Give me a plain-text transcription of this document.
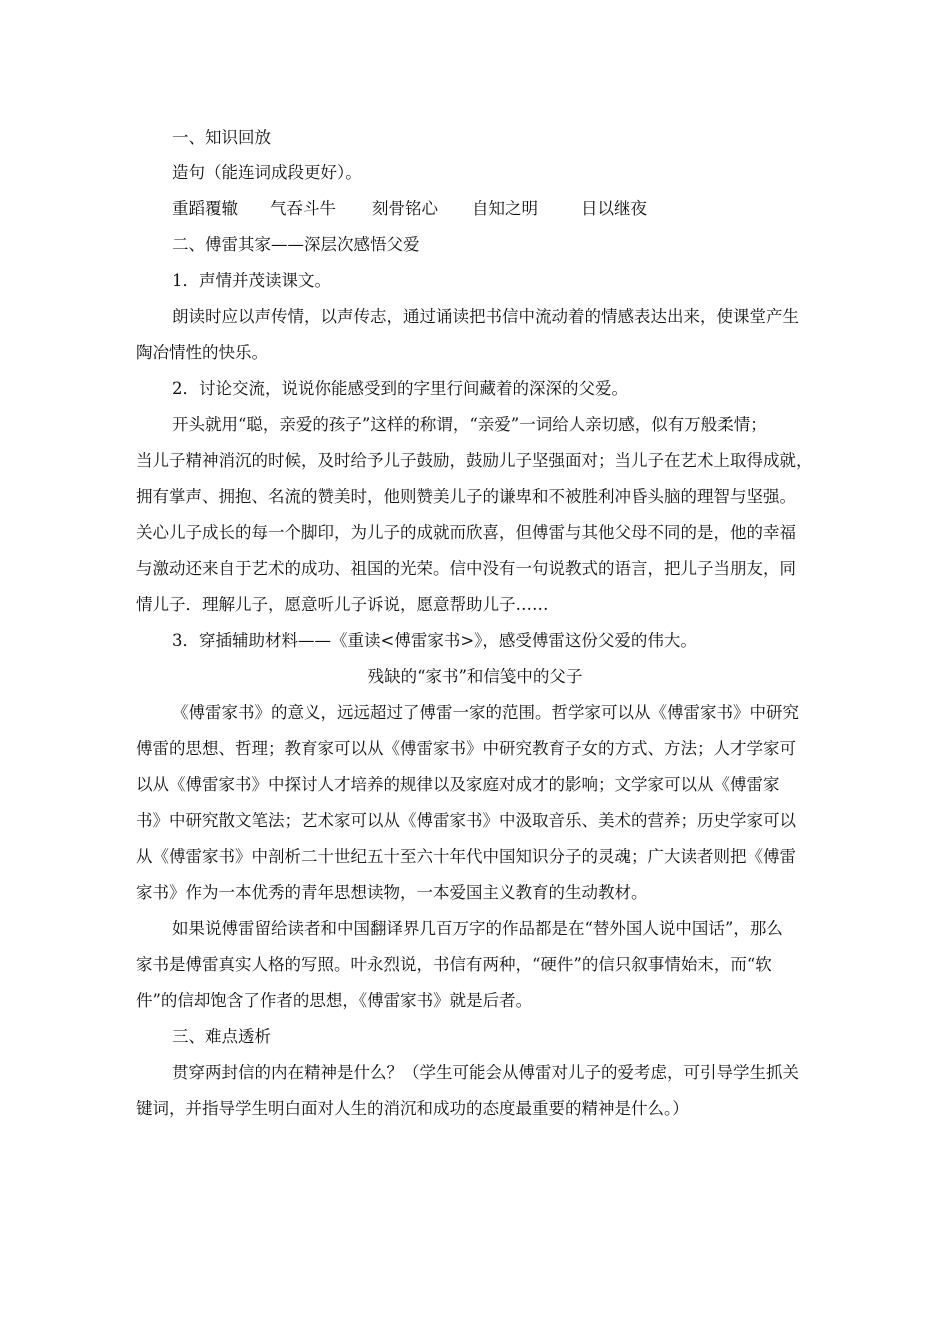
一、知识回放
造句（能连词成段更好）。
重蹈覆辙 气吞斗牛 刻骨铭心 自知之明	日以继夜
二、傅雷其家——深层次感悟父爱
1．声情并茂读课文。
朗读时应以声传情，以声传志，通过诵读把书信中流动着的情感表达出来，使课堂产生
陶冶情性的快乐。
2．讨论交流，说说你能感受到的字里行间藏着的深深的父爱。
开头就用“聪，亲爱的孩子”这样的称谓，“亲爱”一词给人亲切感，似有万般柔情；
当儿子精神消沉的时候，及时给予儿子鼓励，鼓励儿子坚强面对；当儿子在艺术上取得成就，
拥有掌声、拥抱、名流的赞美时，他则赞美儿子的谦卑和不被胜利冲昏头脑的理智与坚强。
关心儿子成长的每一个脚印，为儿子的成就而欣喜，但傅雷与其他父母不同的是，他的幸福
与激动还来自于艺术的成功、祖国的光荣。信中没有一句说教式的语言，把儿子当朋友，同
情儿子．理解儿子，愿意听儿子诉说，愿意帮助儿子……
3．穿插辅助材料——《重读<傅雷家书>》，感受傅雷这份父爱的伟大。
残缺的“家书”和信笺中的父子
《傅雷家书》的意义，远远超过了傅雷一家的范围。哲学家可以从《傅雷家书》中研究
傅雷的思想、哲理；教育家可以从《傅雷家书》中研究教育子女的方式、方法；人才学家可
以从《傅雷家书》中探讨人才培养的规律以及家庭对成才的影响；文学家可以从《傅雷家
书》中研究散文笔法；艺术家可以从《傅雷家书》中汲取音乐、美术的营养；历史学家可以
从《傅雷家书》中剖析二十世纪五十至六十年代中国知识分子的灵魂；广大读者则把《傅雷
家书》作为一本优秀的青年思想读物，一本爱国主义教育的生动教材。
如果说傅雷留给读者和中国翻译界几百万字的作品都是在“替外国人说中国话”，那么
家书是傅雷真实人格的写照。叶永烈说，书信有两种，“硬件”的信只叙事情始末，而“软
件”的信却饱含了作者的思想，《傅雷家书》就是后者。
三、难点透析
贯穿两封信的内在精神是什么？（学生可能会从傅雷对儿子的爱考虑，可引导学生抓关
键词，并指导学生明白面对人生的消沉和成功的态度最重要的精神是什么。）
